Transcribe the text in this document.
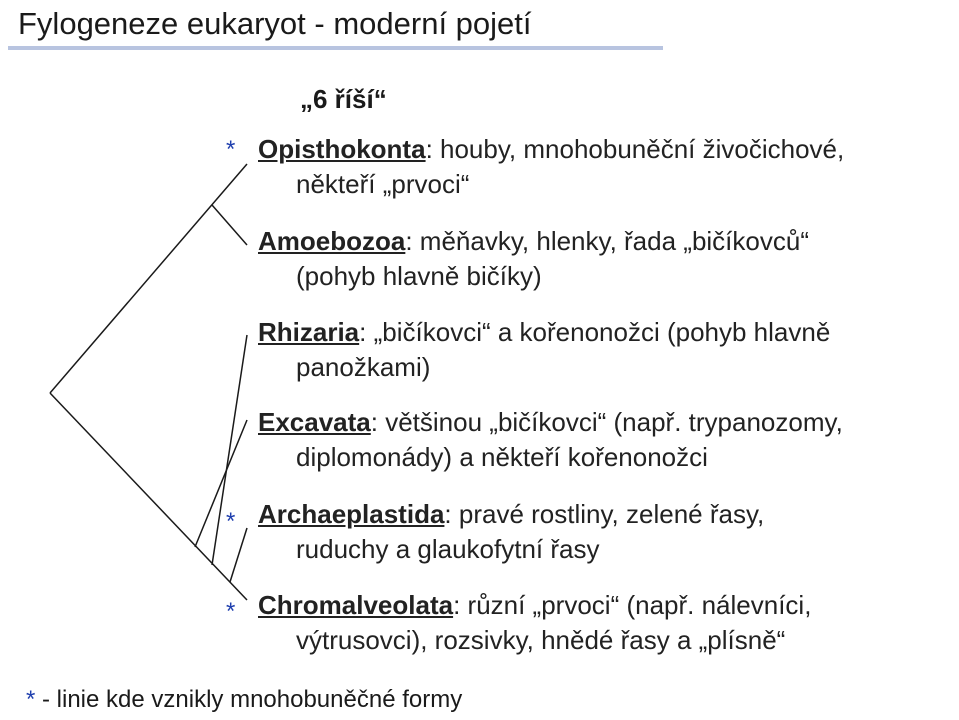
Fylogeneze eukaryot - moderní pojetí
„6 říší“
* Opisthokonta: houby, mnohobuněční živočichové,
někteří „prvoci“
Amoebozoa: měňavky, hlenky, řada „bičíkovců“
(pohyb hlavně bičíky)
Rhizaria: „bičíkovci“ a kořenonožci (pohyb hlavně
panožkami)
Excavata: většinou „bičíkovci“ (např. trypanozomy,
diplomonády) a někteří kořenonožci
* Archaeplastida: pravé rostliny, zelené řasy,
ruduchy a glaukofytní řasy
* Chromalveolata: různí „prvoci“ (např. nálevníci,
výtrusovci), rozsivky, hnědé řasy a „plísně“
* - linie kde vznikly mnohobuněčné formy
